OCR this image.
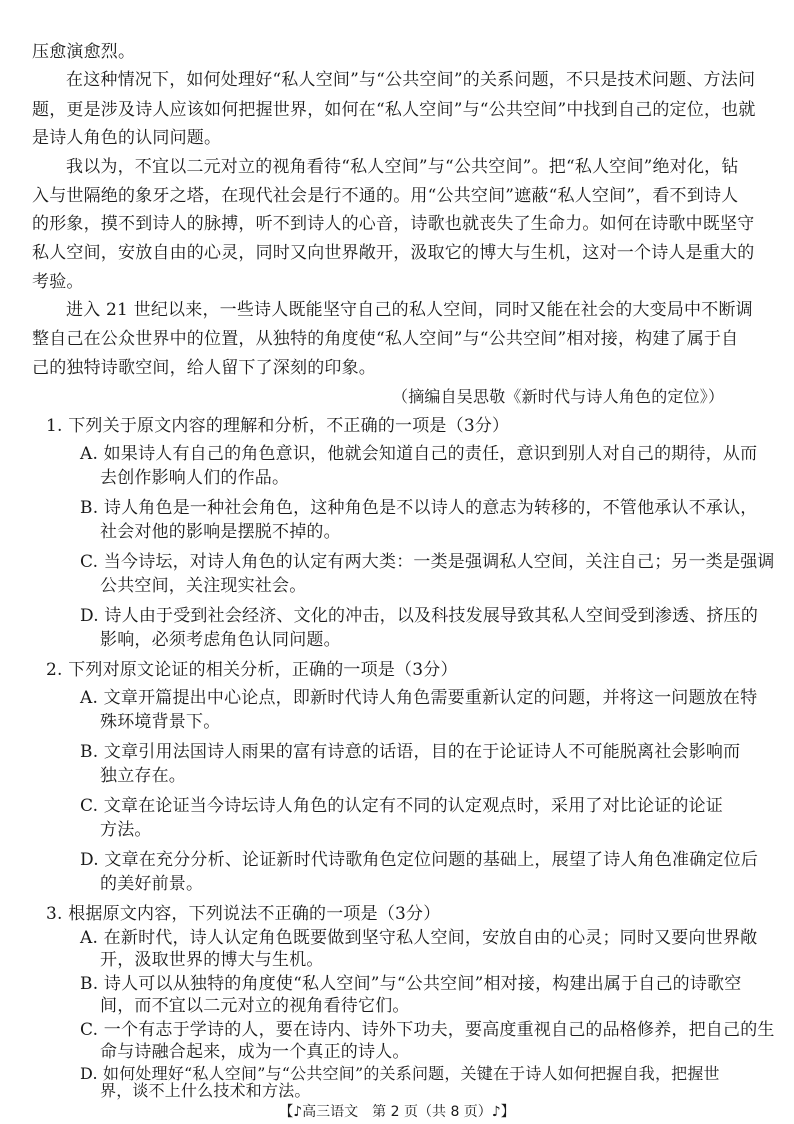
压愈演愈烈。
在这种情况下，如何处理好“私人空间”与“公共空间”的关系问题，不只是技术问题、方法问
题，更是涉及诗人应该如何把握世界，如何在“私人空间”与“公共空间”中找到自己的定位，也就
是诗人角色的认同问题。
我以为，不宜以二元对立的视角看待“私人空间”与“公共空间”。把“私人空间”绝对化，钻
入与世隔绝的象牙之塔，在现代社会是行不通的。用“公共空间”遮蔽“私人空间”，看不到诗人
的形象，摸不到诗人的脉搏，听不到诗人的心音，诗歌也就丧失了生命力。如何在诗歌中既坚守
私人空间，安放自由的心灵，同时又向世界敞开，汲取它的博大与生机，这对一个诗人是重大的
考验。
进入 21 世纪以来，一些诗人既能坚守自己的私人空间，同时又能在社会的大变局中不断调
整自己在公众世界中的位置，从独特的角度使“私人空间”与“公共空间”相对接，构建了属于自
己的独特诗歌空间，给人留下了深刻的印象。
（摘编自吴思敬《新时代与诗人角色的定位》）
1. 下列关于原文内容的理解和分析，不正确的一项是（3分）
A. 如果诗人有自己的角色意识，他就会知道自己的责任，意识到别人对自己的期待，从而
去创作影响人们的作品。
B. 诗人角色是一种社会角色，这种角色是不以诗人的意志为转移的，不管他承认不承认，
社会对他的影响是摆脱不掉的。
C. 当今诗坛，对诗人角色的认定有两大类：一类是强调私人空间，关注自己；另一类是强调
公共空间，关注现实社会。
D. 诗人由于受到社会经济、文化的冲击，以及科技发展导致其私人空间受到渗透、挤压的
影响，必须考虑角色认同问题。
2. 下列对原文论证的相关分析，正确的一项是（3分）
A. 文章开篇提出中心论点，即新时代诗人角色需要重新认定的问题，并将这一问题放在特
殊环境背景下。
B. 文章引用法国诗人雨果的富有诗意的话语，目的在于论证诗人不可能脱离社会影响而
独立存在。
C. 文章在论证当今诗坛诗人角色的认定有不同的认定观点时，采用了对比论证的论证
方法。
D. 文章在充分分析、论证新时代诗歌角色定位问题的基础上，展望了诗人角色准确定位后
的美好前景。
3. 根据原文内容，下列说法不正确的一项是（3分）
A. 在新时代，诗人认定角色既要做到坚守私人空间，安放自由的心灵；同时又要向世界敞
开，汲取世界的博大与生机。
B. 诗人可以从独特的角度使“私人空间”与“公共空间”相对接，构建出属于自己的诗歌空
间，而不宜以二元对立的视角看待它们。
C. 一个有志于学诗的人，要在诗内、诗外下功夫，要高度重视自己的品格修养，把自己的生
命与诗融合起来，成为一个真正的诗人。
【♪高三语文　第 2 页（共 8 页）♪】
D. 如何处理好“私人空间”与“公共空间”的关系问题，关键在于诗人如何把握自我，把握世
界，谈不上什么技术和方法。
